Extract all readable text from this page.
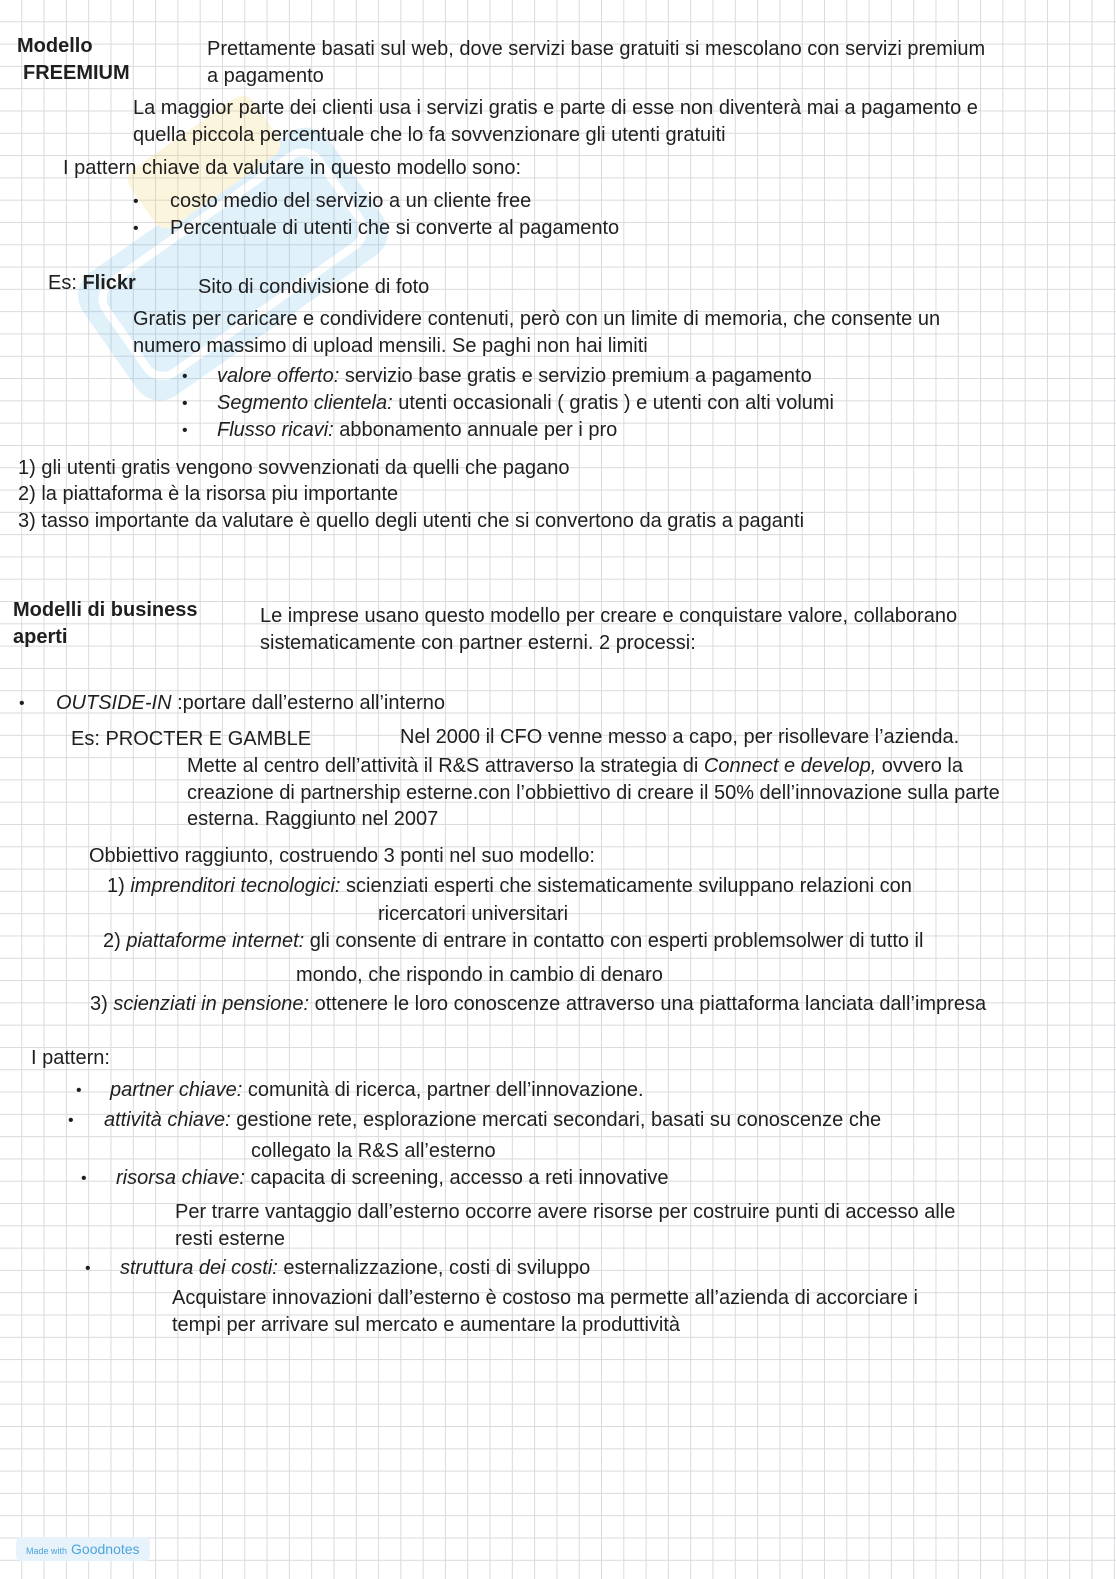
Modello
FREEMIUM
Prettamente basati sul web, dove servizi base gratuiti si mescolano con servizi premium
a pagamento
La maggior parte dei clienti usa i servizi gratis e parte di esse non diventerà mai a pagamento e
quella piccola percentuale che lo fa sovvenzionare gli utenti gratuiti
I pattern chiave da valutare in questo modello sono:
• costo medio del servizio a un cliente free
• Percentuale di utenti che si converte al pagamento
Es: Flickr	Sito di condivisione di foto
Gratis per caricare e condividere contenuti, però con un limite di memoria, che consente un
numero massimo di upload mensili. Se paghi non hai limiti
• valore offerto: servizio base gratis e servizio premium a pagamento
• Segmento clientela: utenti occasionali ( gratis ) e utenti con alti volumi
• Flusso ricavi: abbonamento annuale per i pro
1) gli utenti gratis vengono sovvenzionati da quelli che pagano
2) la piattaforma è la risorsa piu importante
3) tasso importante da valutare è quello degli utenti che si convertono da gratis a paganti
Modelli di business
aperti
Le imprese usano questo modello per creare e conquistare valore, collaborano
sistematicamente con partner esterni. 2 processi:
• OUTSIDE-IN :portare dall’esterno all’interno
Es: PROCTER E GAMBLE	Nel 2000 il CFO venne messo a capo, per risollevare l’azienda.
Mette al centro dell’attività il R&S attraverso la strategia di Connect e develop, ovvero la
creazione di partnership esterne.con l’obbiettivo di creare il 50% dell’innovazione sulla parte
esterna. Raggiunto nel 2007
Obbiettivo raggiunto, costruendo 3 ponti nel suo modello:
1) imprenditori tecnologici: scienziati esperti che sistematicamente sviluppano relazioni con
ricercatori universitari
2) piattaforme internet: gli consente di entrare in contatto con esperti problemsolwer di tutto il
mondo, che rispondo in cambio di denaro
3) scienziati in pensione: ottenere le loro conoscenze attraverso una piattaforma lanciata dall’impresa
I pattern:
• partner chiave: comunità di ricerca, partner dell’innovazione.
• attività chiave: gestione rete, esplorazione mercati secondari, basati su conoscenze che
collegato la R&S all’esterno
• risorsa chiave: capacita di screening, accesso a reti innovative
Per trarre vantaggio dall’esterno occorre avere risorse per costruire punti di accesso alle
resti esterne
• struttura dei costi: esternalizzazione, costi di sviluppo
Acquistare innovazioni dall’esterno è costoso ma permette all’azienda di accorciare i
tempi per arrivare sul mercato e aumentare la produttività
Made with Goodnotes
